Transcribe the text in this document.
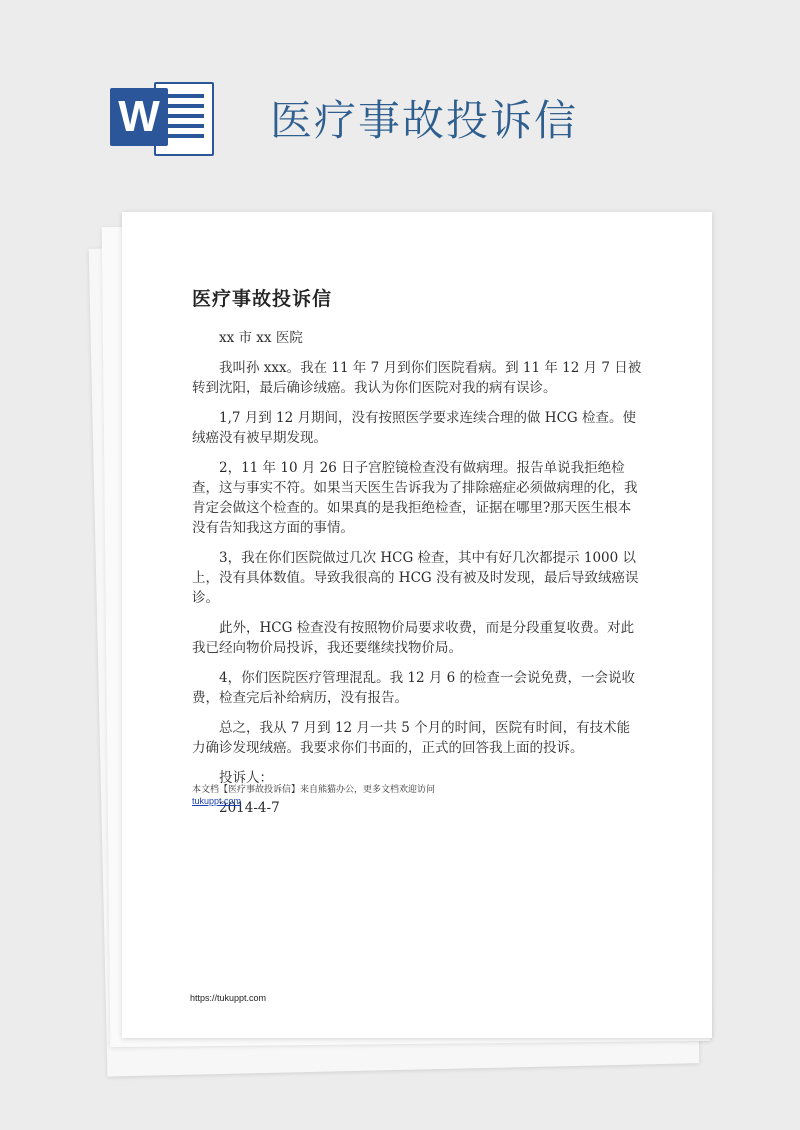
W	医疗事故投诉信
医疗事故投诉信

xx 市 xx 医院

我叫孙 xxx。我在 11 年 7 月到你们医院看病。到 11 年 12 月 7 日被转到沈阳，最后确诊绒癌。我认为你们医院对我的病有误诊。

1,7 月到 12 月期间，没有按照医学要求连续合理的做 HCG 检查。使绒癌没有被早期发现。

2，11 年 10 月 26 日子宫腔镜检查没有做病理。报告单说我拒绝检查，这与事实不符。如果当天医生告诉我为了排除癌症必须做病理的化，我肯定会做这个检查的。如果真的是我拒绝检查，证据在哪里?那天医生根本没有告知我这方面的事情。

3，我在你们医院做过几次 HCG 检查，其中有好几次都提示 1000 以上，没有具体数值。导致我很高的 HCG 没有被及时发现，最后导致绒癌误诊。

此外，HCG 检查没有按照物价局要求收费，而是分段重复收费。对此我已经向物价局投诉，我还要继续找物价局。

4，你们医院医疗管理混乱。我 12 月 6 的检查一会说免费，一会说收费，检查完后补给病历，没有报告。

总之，我从 7 月到 12 月一共 5 个月的时间，医院有时间，有技术能力确诊发现绒癌。我要求你们书面的，正式的回答我上面的投诉。

投诉人：

2014-4-7

本文档【医疗事故投诉信】来自熊猫办公，更多文档欢迎访问
tukuppt.com
https://tukuppt.com
